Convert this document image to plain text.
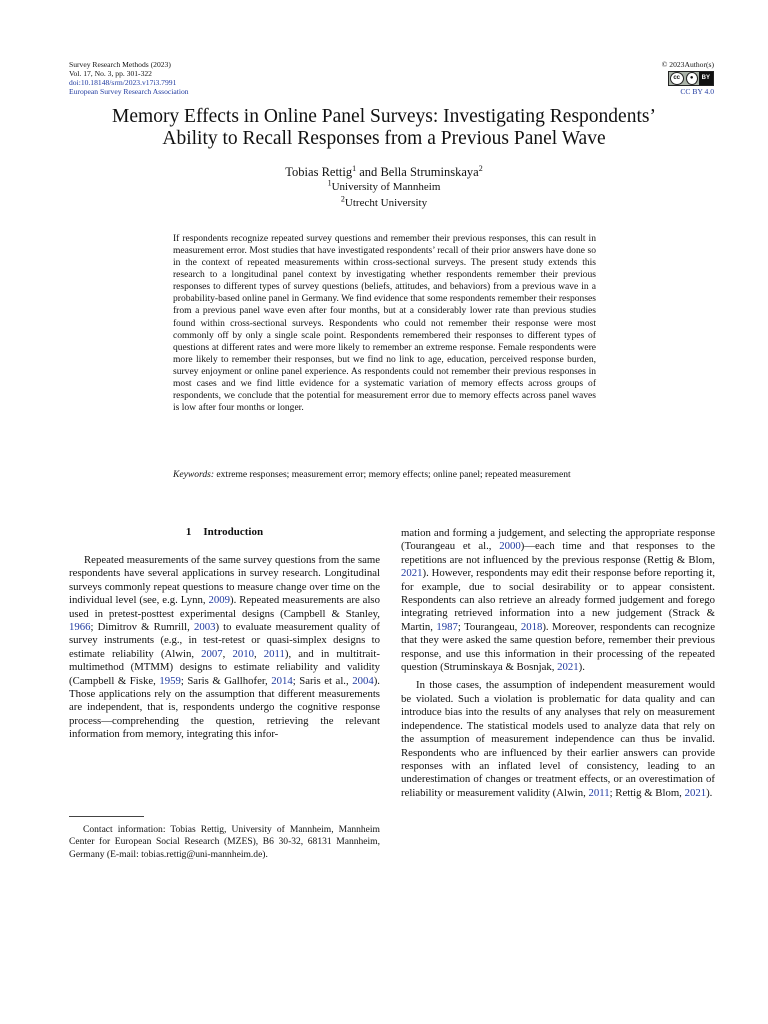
Survey Research Methods (2023)
Vol. 17, No. 3, pp. 301-322
doi:10.18148/srm/2023.v17i3.7991
European Survey Research Association
© 2023Author(s)
cc	●	BY
CC BY 4.0
Memory Effects in Online Panel Surveys: Investigating Respondents’
Ability to Recall Responses from a Previous Panel Wave
Tobias Rettig$^1$ and Bella Struminskaya$^2$
$^1$University of Mannheim
$^2$Utrecht University
If respondents recognize repeated survey questions and remember their previous responses, this can result in measurement error. Most studies that have investigated respondents’ recall of their prior answers have done so in the context of repeated measurements within cross-sectional surveys. The present study extends this research to a longitudinal panel context by investigating whether respondents remember their previous responses to different types of survey questions (beliefs, attitudes, and behaviors) from a previous wave in a probability-based online panel in Germany. We find evidence that some respondents remember their responses from a previous panel wave even after four months, but at a considerably lower rate than previous studies found within cross-sectional surveys. Respondents who could not remember their response were most commonly off by only a single scale point. Respondents remembered their responses to different types of questions at different rates and were more likely to remember an extreme response. Female respondents were more likely to remember their responses, but we find no link to age, education, perceived response burden, survey enjoyment or online panel experience. As respondents could not remember their previous responses in most cases and we find little evidence for a systematic variation of memory effects across groups of respondents, we conclude that the potential for measurement error due to memory effects across panel waves is low after four months or longer.
Keywords: extreme responses; measurement error; memory effects; online panel; repeated measurement
1 Introduction

Repeated measurements of the same survey questions from the same respondents have several applications in survey research. Longitudinal surveys commonly repeat questions to measure change over time on the individual level (see, e.g. Lynn, 2009). Repeated measurements are also used in pretest-posttest experimental designs (Campbell & Stanley, 1966; Dimitrov & Rumrill, 2003) to evaluate measurement quality of survey instruments (e.g., in test-retest or quasi-simplex designs to estimate reliability (Alwin, 2007, 2010, 2011), and in multitrait-multimethod (MTMM) designs to estimate reliability and validity (Campbell & Fiske, 1959; Saris & Gallhofer, 2014; Saris et al., 2004). Those applications rely on the assumption that different measurements are independent, that is, respondents undergo the cognitive response process—comprehending the question, retrieving the relevant information from memory, integrating this infor-

mation and forming a judgement, and selecting the appropriate response (Tourangeau et al., 2000)—each time and that responses to the repetitions are not influenced by the previous response (Rettig & Blom, 2021). However, respondents may edit their response before reporting it, for example, due to social desirability or to appear consistent. Respondents can also retrieve an already formed judgement and forego integrating retrieved information into a new judgement (Strack & Martin, 1987; Tourangeau, 2018). Moreover, respondents can recognize that they were asked the same question before, remember their previous response, and use this information in their processing of the repeated question (Struminskaya & Bosnjak, 2021).

In those cases, the assumption of independent measurement would be violated. Such a violation is problematic for data quality and can introduce bias into the results of any analyses that rely on measurement independence. The statistical models used to analyze data that rely on the assumption of measurement independence can thus be invalid. Respondents who are influenced by their earlier answers can provide responses with an inflated level of consistency, leading to an underestimation of changes or treatment effects, or an overestimation of reliability or measurement validity (Alwin, 2011; Rettig & Blom, 2021).

Contact information: Tobias Rettig, University of Mannheim, Mannheim Center for European Social Research (MZES), B6 30-32, 68131 Mannheim, Germany (E-mail: tobias.rettig@uni-mannheim.de).
